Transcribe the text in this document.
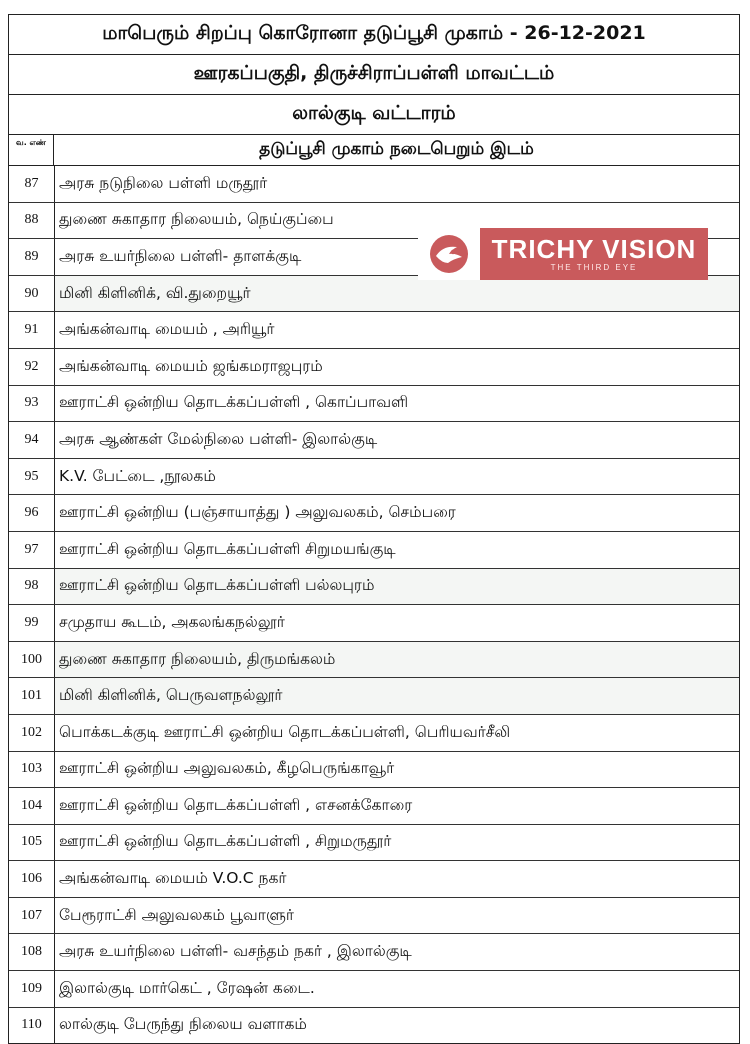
மாபெரும் சிறப்பு கொரோனா தடுப்பூசி முகாம் - 26-12-2021
ஊரகப்பகுதி, திருச்சிராப்பள்ளி மாவட்டம்
லால்குடி வட்டாரம்
வ. எண்	தடுப்பூசி முகாம் நடைபெறும் இடம்
87	அரசு நடுநிலை பள்ளி மருதூர்
88	துணை சுகாதார நிலையம், நெய்குப்பை
89	அரசு உயர்நிலை பள்ளி- தாளக்குடி
90	மினி கிளினிக், வி.துறையூர்
91	அங்கன்வாடி மையம் , அரியூர்
92	அங்கன்வாடி மையம் ஜங்கமராஜபுரம்
93	ஊராட்சி ஒன்றிய தொடக்கப்பள்ளி , கொப்பாவளி
94	அரசு ஆண்கள் மேல்நிலை பள்ளி- இலால்குடி
95	K.V. பேட்டை ,நூலகம்
96	ஊராட்சி ஒன்றிய (பஞ்சாயாத்து ) அலுவலகம், செம்பரை
97	ஊராட்சி ஒன்றிய தொடக்கப்பள்ளி சிறுமயங்குடி
98	ஊராட்சி ஒன்றிய தொடக்கப்பள்ளி பல்லபுரம்
99	சமுதாய கூடம், அகலங்கநல்லூர்
100	துணை சுகாதார நிலையம், திருமங்கலம்
101	மினி கிளினிக், பெருவளநல்லூர்
102	பொக்கடக்குடி ஊராட்சி ஒன்றிய தொடக்கப்பள்ளி, பெரியவர்சீலி
103	ஊராட்சி ஒன்றிய அலுவலகம், கீழபெருங்காவூர்
104	ஊராட்சி ஒன்றிய தொடக்கப்பள்ளி , எசனக்கோரை
105	ஊராட்சி ஒன்றிய தொடக்கப்பள்ளி , சிறுமருதூர்
106	அங்கன்வாடி மையம் V.O.C நகர்
107	பேரூராட்சி அலுவலகம் பூவாளுர்
108	அரசு உயர்நிலை பள்ளி- வசந்தம் நகர் , இலால்குடி
109	இலால்குடி மார்கெட் , ரேஷன் கடை.
110	லால்குடி பேருந்து நிலைய வளாகம்
TRICHY VISION
THE THIRD EYE
